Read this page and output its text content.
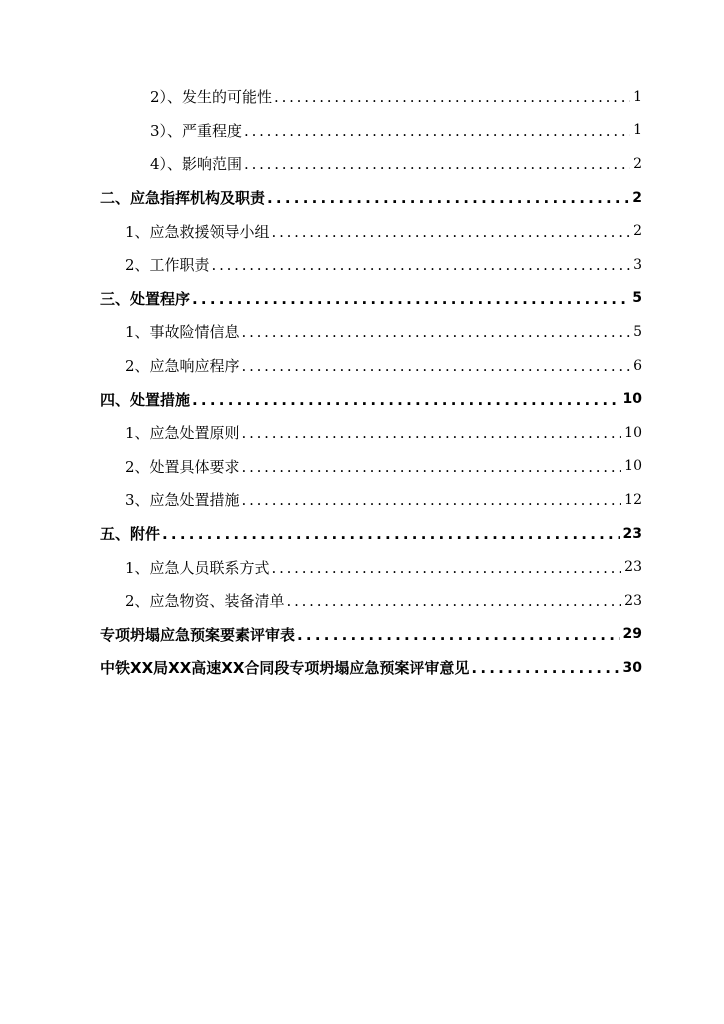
2）、发生的可能性 . . .	1
3）、严重程度 . . .	1
4）、影响范围 . . .	2
二、应急指挥机构及职责 . . .	2
1、应急救援领导小组 . . .	2
2、工作职责 . . .	3
三、处置程序 . . .	5
1、事故险情信息 . . .	5
2、应急响应程序 . . .	6
四、处置措施 . . .	10
1、应急处置原则 . . .	10
2、处置具体要求 . . .	10
3、应急处置措施 . . .	12
五、附件 . . .	23
1、应急人员联系方式 . . .	23
2、应急物资、装备清单 . . .	23
专项坍塌应急预案要素评审表 . . .	29
中铁XX局XX高速XX合同段专项坍塌应急预案评审意见 . . .	30
